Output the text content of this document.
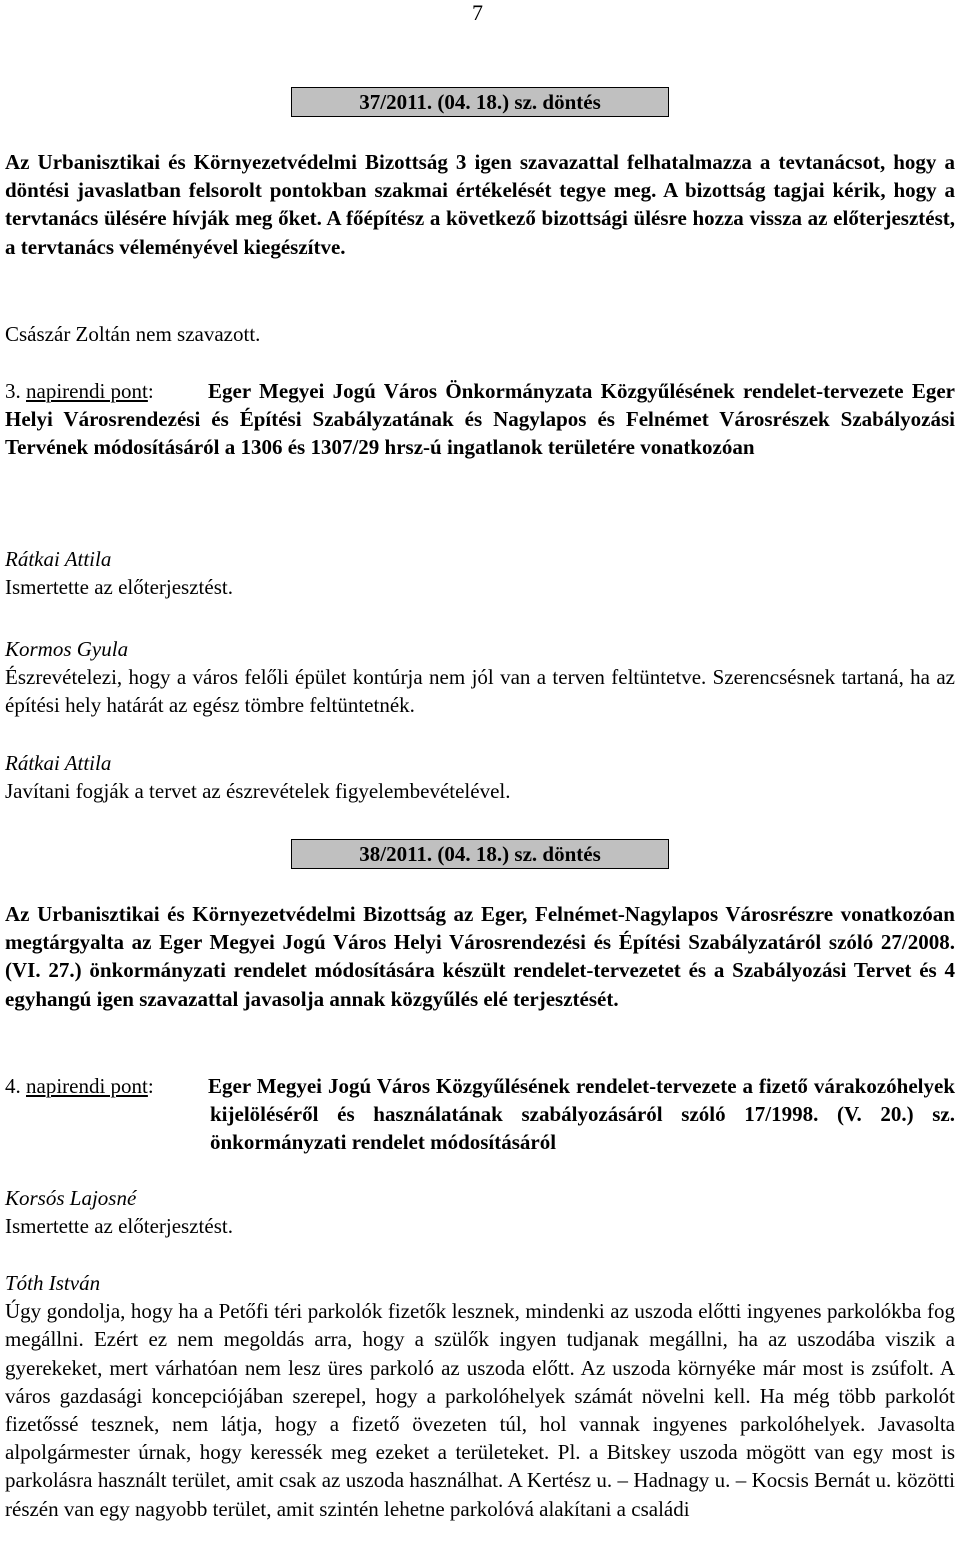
7
37/2011. (04. 18.) sz. döntés
Az Urbanisztikai és Környezetvédelmi Bizottság 3 igen szavazattal felhatalmazza a tevtanácsot, hogy a döntési javaslatban felsorolt pontokban szakmai értékelését tegye meg. A bizottság tagjai kérik, hogy a tervtanács ülésére hívják meg őket. A főépítész a következő bizottsági ülésre hozza vissza az előterjesztést, a tervtanács véleményével kiegészítve.
Császár Zoltán nem szavazott.
3. napirendi pont:	Eger Megyei Jogú Város Önkormányzata Közgyűlésének rendelet-tervezete Eger Helyi Városrendezési és Építési Szabályzatának és Nagylapos és Felnémet Városrészek Szabályozási Tervének módosításáról a 1306 és 1307/29 hrsz-ú ingatlanok területére vonatkozóan
Rátkai Attila
Ismertette az előterjesztést.
Kormos Gyula
Észrevételezi, hogy a város felőli épület kontúrja nem jól van a terven feltüntetve. Szerencsésnek tartaná, ha az építési hely határát az egész tömbre feltüntetnék.
Rátkai Attila
Javítani fogják a tervet az észrevételek figyelembevételével.
38/2011. (04. 18.) sz. döntés
Az Urbanisztikai és Környezetvédelmi Bizottság az Eger, Felnémet-Nagylapos Városrészre vonatkozóan megtárgyalta az Eger Megyei Jogú Város Helyi Városrendezési és Építési Szabályzatáról szóló 27/2008. (VI. 27.) önkormányzati rendelet módosítására készült rendelet-tervezetet és a Szabályozási Tervet és 4 egyhangú igen szavazattal javasolja annak közgyűlés elé terjesztését.
4. napirendi pont:	Eger Megyei Jogú Város Közgyűlésének rendelet-tervezete a fizető várakozóhelyek kijelöléséről és használatának szabályozásáról szóló 17/1998. (V. 20.) sz. önkormányzati rendelet módosításáról
Korsós Lajosné
Ismertette az előterjesztést.
Tóth István
Úgy gondolja, hogy ha a Petőfi téri parkolók fizetők lesznek, mindenki az uszoda előtti ingyenes parkolókba fog megállni. Ezért ez nem megoldás arra, hogy a szülők ingyen tudjanak megállni, ha az uszodába viszik a gyerekeket, mert várhatóan nem lesz üres parkoló az uszoda előtt. Az uszoda környéke már most is zsúfolt. A város gazdasági koncepciójában szerepel, hogy a parkolóhelyek számát növelni kell. Ha még több parkolót fizetőssé tesznek, nem látja, hogy a fizető övezeten túl, hol vannak ingyenes parkolóhelyek. Javasolta alpolgármester úrnak, hogy keressék meg ezeket a területeket. Pl. a Bitskey uszoda mögött van egy most is parkolásra használt terület, amit csak az uszoda használhat. A Kertész u. – Hadnagy u. – Kocsis Bernát u. közötti részén van egy nagyobb terület, amit szintén lehetne parkolóvá alakítani a családi
